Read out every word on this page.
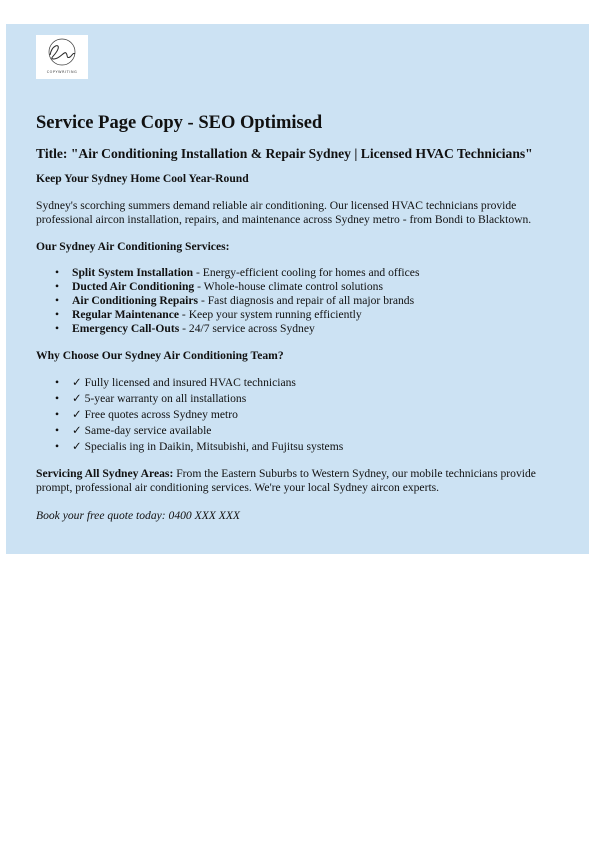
COPYWRITING
Service Page Copy - SEO Optimised
Title: "Air Conditioning Installation & Repair Sydney | Licensed HVAC Technicians"
Keep Your Sydney Home Cool Year-Round

Sydney's scorching summers demand reliable air conditioning. Our licensed HVAC technicians provide professional aircon installation, repairs, and maintenance across Sydney metro - from Bondi to Blacktown.

Our Sydney Air Conditioning Services:
• Split System Installation - Energy-efficient cooling for homes and offices
• Ducted Air Conditioning - Whole-house climate control solutions
• Air Conditioning Repairs - Fast diagnosis and repair of all major brands
• Regular Maintenance - Keep your system running efficiently
• Emergency Call-Outs - 24/7 service across Sydney
Why Choose Our Sydney Air Conditioning Team?
• ✓ Fully licensed and insured HVAC technicians
• ✓ 5-year warranty on all installations
• ✓ Free quotes across Sydney metro
• ✓ Same-day service available
• ✓ Specialis ing in Daikin, Mitsubishi, and Fujitsu systems

Servicing All Sydney Areas: From the Eastern Suburbs to Western Sydney, our mobile technicians provide prompt, professional air conditioning services. We're your local Sydney aircon experts.

Book your free quote today: 0400 XXX XXX
